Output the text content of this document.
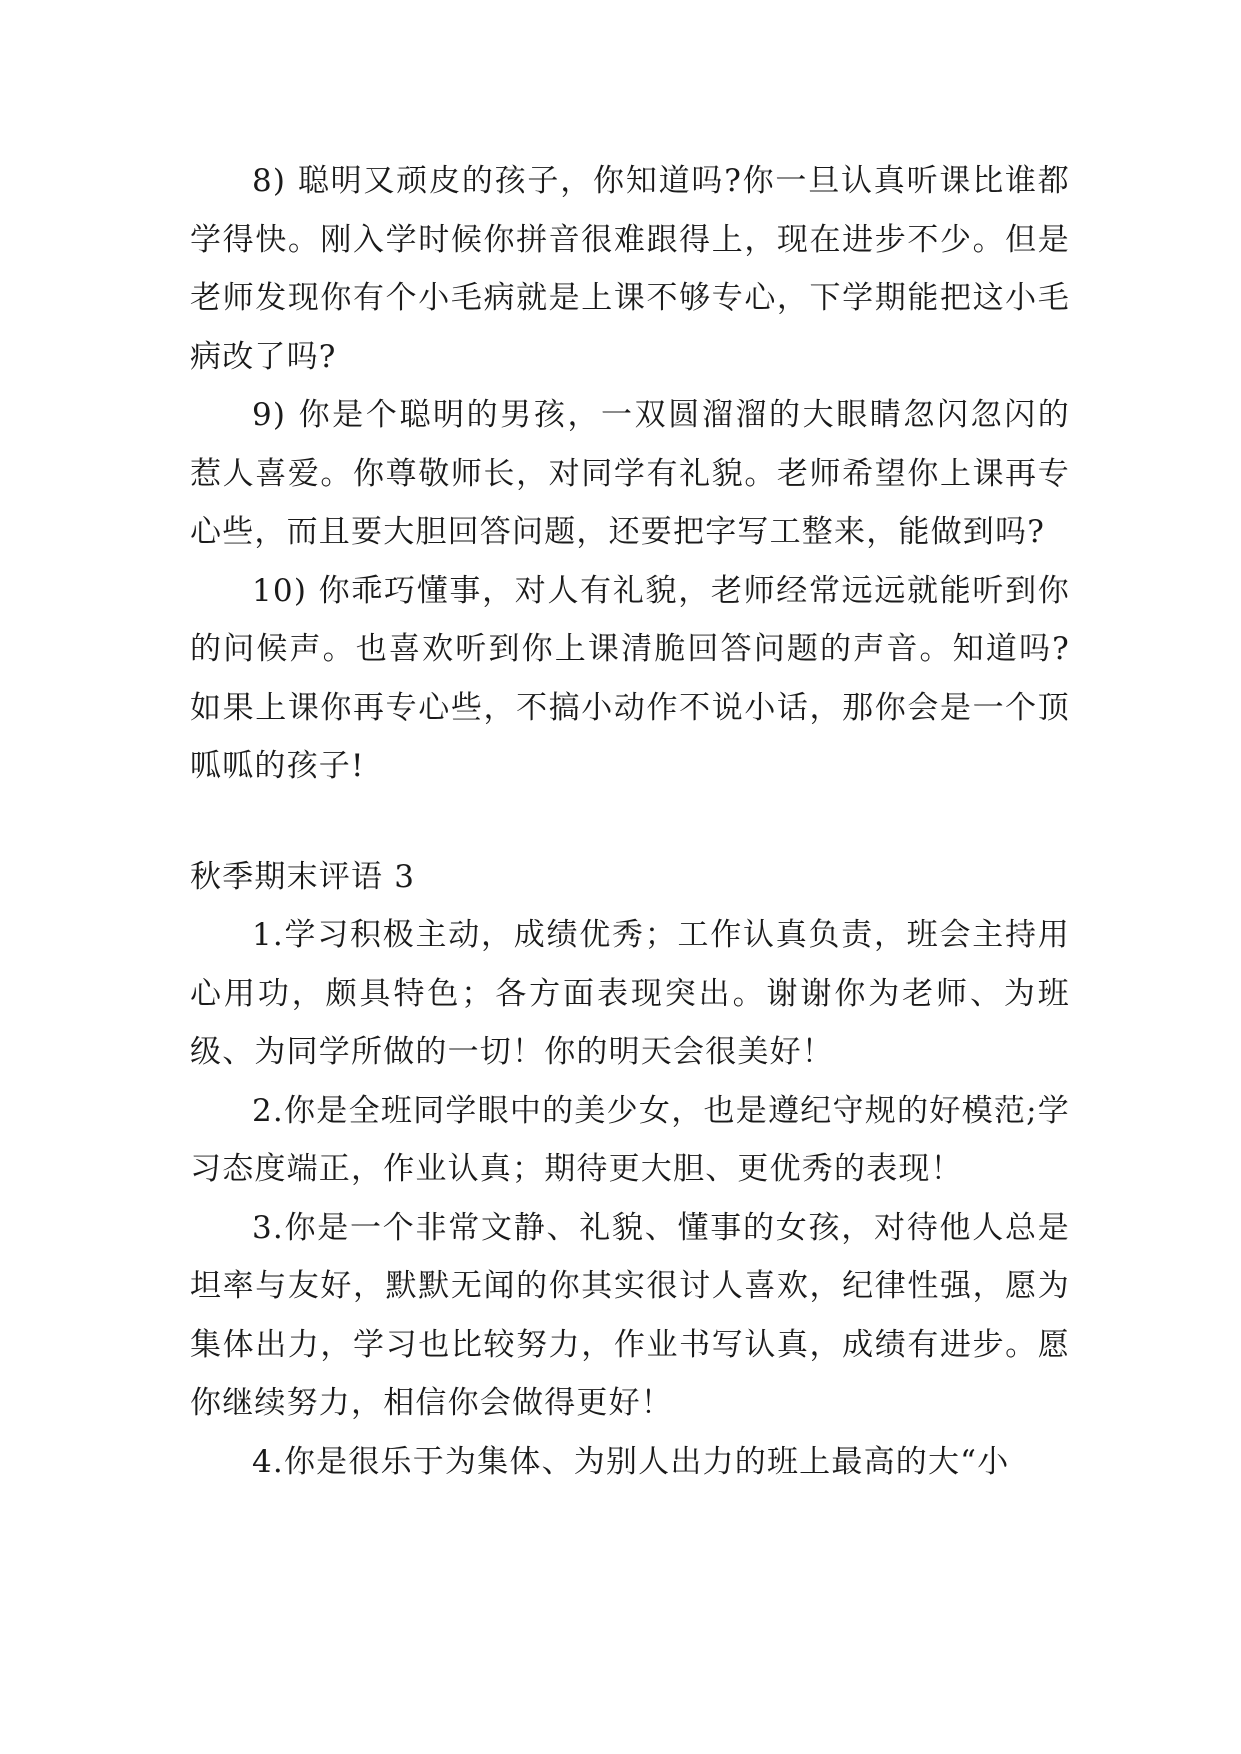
8) 聪明又顽皮的孩子，你知道吗?你一旦认真听课比谁都学得快。刚入学时候你拼音很难跟得上，现在进步不少。但是老师发现你有个小毛病就是上课不够专心，下学期能把这小毛病改了吗?

9) 你是个聪明的男孩，一双圆溜溜的大眼睛忽闪忽闪的惹人喜爱。你尊敬师长，对同学有礼貌。老师希望你上课再专心些，而且要大胆回答问题，还要把字写工整来，能做到吗?

10) 你乖巧懂事，对人有礼貌，老师经常远远就能听到你的问候声。也喜欢听到你上课清脆回答问题的声音。知道吗?如果上课你再专心些，不搞小动作不说小话，那你会是一个顶呱呱的孩子!

秋季期末评语 3

1.学习积极主动，成绩优秀；工作认真负责，班会主持用心用功，颇具特色；各方面表现突出。谢谢你为老师、为班级、为同学所做的一切！你的明天会很美好！

2.你是全班同学眼中的美少女，也是遵纪守规的好模范;学习态度端正，作业认真；期待更大胆、更优秀的表现！

3.你是一个非常文静、礼貌、懂事的女孩，对待他人总是坦率与友好，默默无闻的你其实很讨人喜欢，纪律性强，愿为集体出力，学习也比较努力，作业书写认真，成绩有进步。愿你继续努力，相信你会做得更好！

4.你是很乐于为集体、为别人出力的班上最高的大“小
